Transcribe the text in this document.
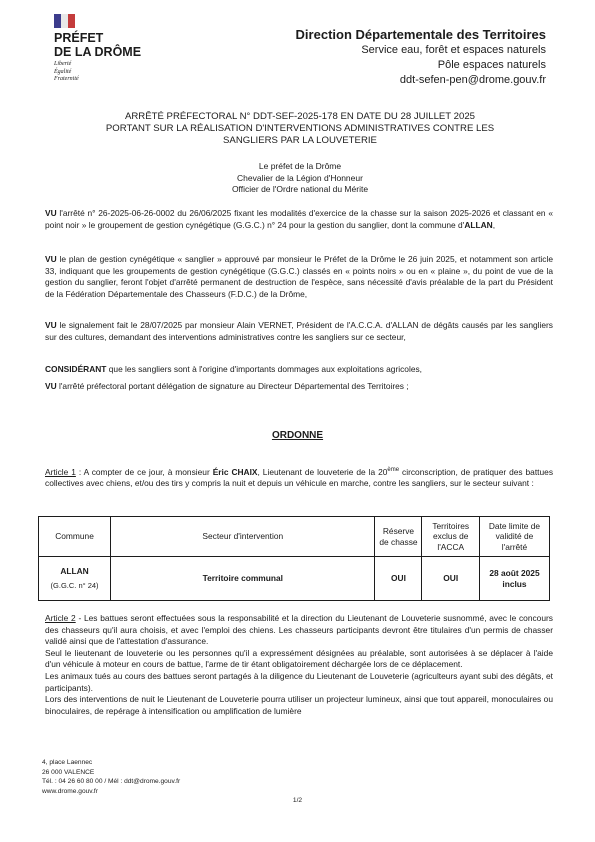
PRÉFET
DE LA DRÔME
Liberté
Égalité
Fraternité
Direction Départementale des Territoires
Service eau, forêt et espaces naturels
Pôle espaces naturels
ddt-sefen-pen@drome.gouv.fr
ARRÊTÉ PRÉFECTORAL N° DDT-SEF-2025-178 EN DATE DU 28 JUILLET 2025
PORTANT SUR LA RÉALISATION D'INTERVENTIONS ADMINISTRATIVES CONTRE LES
SANGLIERS PAR LA LOUVETERIE
Le préfet de la Drôme
Chevalier de la Légion d'Honneur
Officier de l'Ordre national du Mérite
VU l'arrêté n° 26-2025-06-26-0002 du 26/06/2025 fixant les modalités d'exercice de la chasse sur la saison 2025-2026 et classant en « point noir » le groupement de gestion cynégétique (G.G.C.) n° 24 pour la gestion du sanglier, dont la commune d'ALLAN,
VU le plan de gestion cynégétique « sanglier » approuvé par monsieur le Préfet de la Drôme le 26 juin 2025, et notamment son article 33, indiquant que les groupements de gestion cynégétique (G.G.C.) classés en « points noirs » ou en « plaine », du point de vue de la gestion du sanglier, feront l'objet d'arrêté permanent de destruction de l'espèce, sans nécessité d'avis préalable de la part du Président de la Fédération Départementale des Chasseurs (F.D.C.) de la Drôme,
VU le signalement fait le 28/07/2025 par monsieur Alain VERNET, Président de l'A.C.C.A. d'ALLAN de dégâts causés par les sangliers sur des cultures, demandant des interventions administratives contre les sangliers sur ce secteur,
CONSIDÉRANT que les sangliers sont à l'origine d'importants dommages aux exploitations agricoles,
VU l'arrêté préfectoral portant délégation de signature au Directeur Départemental des Territoires ;
ORDONNE
Article 1 : A compter de ce jour, à monsieur Éric CHAIX, Lieutenant de louveterie de la 20ème circonscription, de pratiquer des battues collectives avec chiens, et/ou des tirs y compris la nuit et depuis un véhicule en marche, contre les sangliers, sur le secteur suivant :
Commune	Secteur d'intervention	Réserve de chasse	Territoires exclus de l'ACCA	Date limite de validité de l'arrêté

ALLAN
(G.G.C. n° 24)	Territoire communal	OUI	OUI	28 août 2025 inclus
Article 2 - Les battues seront effectuées sous la responsabilité et la direction du Lieutenant de Louveterie susnommé, avec le concours des chasseurs qu'il aura choisis, et avec l'emploi des chiens. Les chasseurs participants devront être titulaires d'un permis de chasser validé ainsi que de l'attestation d'assurance.
Seul le lieutenant de louveterie ou les personnes qu'il a expressément désignées au préalable, sont autorisées à se déplacer à l'aide d'un véhicule à moteur en cours de battue, l'arme de tir étant obligatoirement déchargée lors de ce déplacement.
Les animaux tués au cours des battues seront partagés à la diligence du Lieutenant de Louveterie (agriculteurs ayant subi des dégâts, et participants).
Lors des interventions de nuit le Lieutenant de Louveterie pourra utiliser un projecteur lumineux, ainsi que tout appareil, monoculaires ou binoculaires, de repérage à intensification ou amplification de lumière
4, place Laennec
26 000 VALENCE
Tél. : 04 26 60 80 00 / Mél : ddt@drome.gouv.fr
www.drome.gouv.fr
1/2
